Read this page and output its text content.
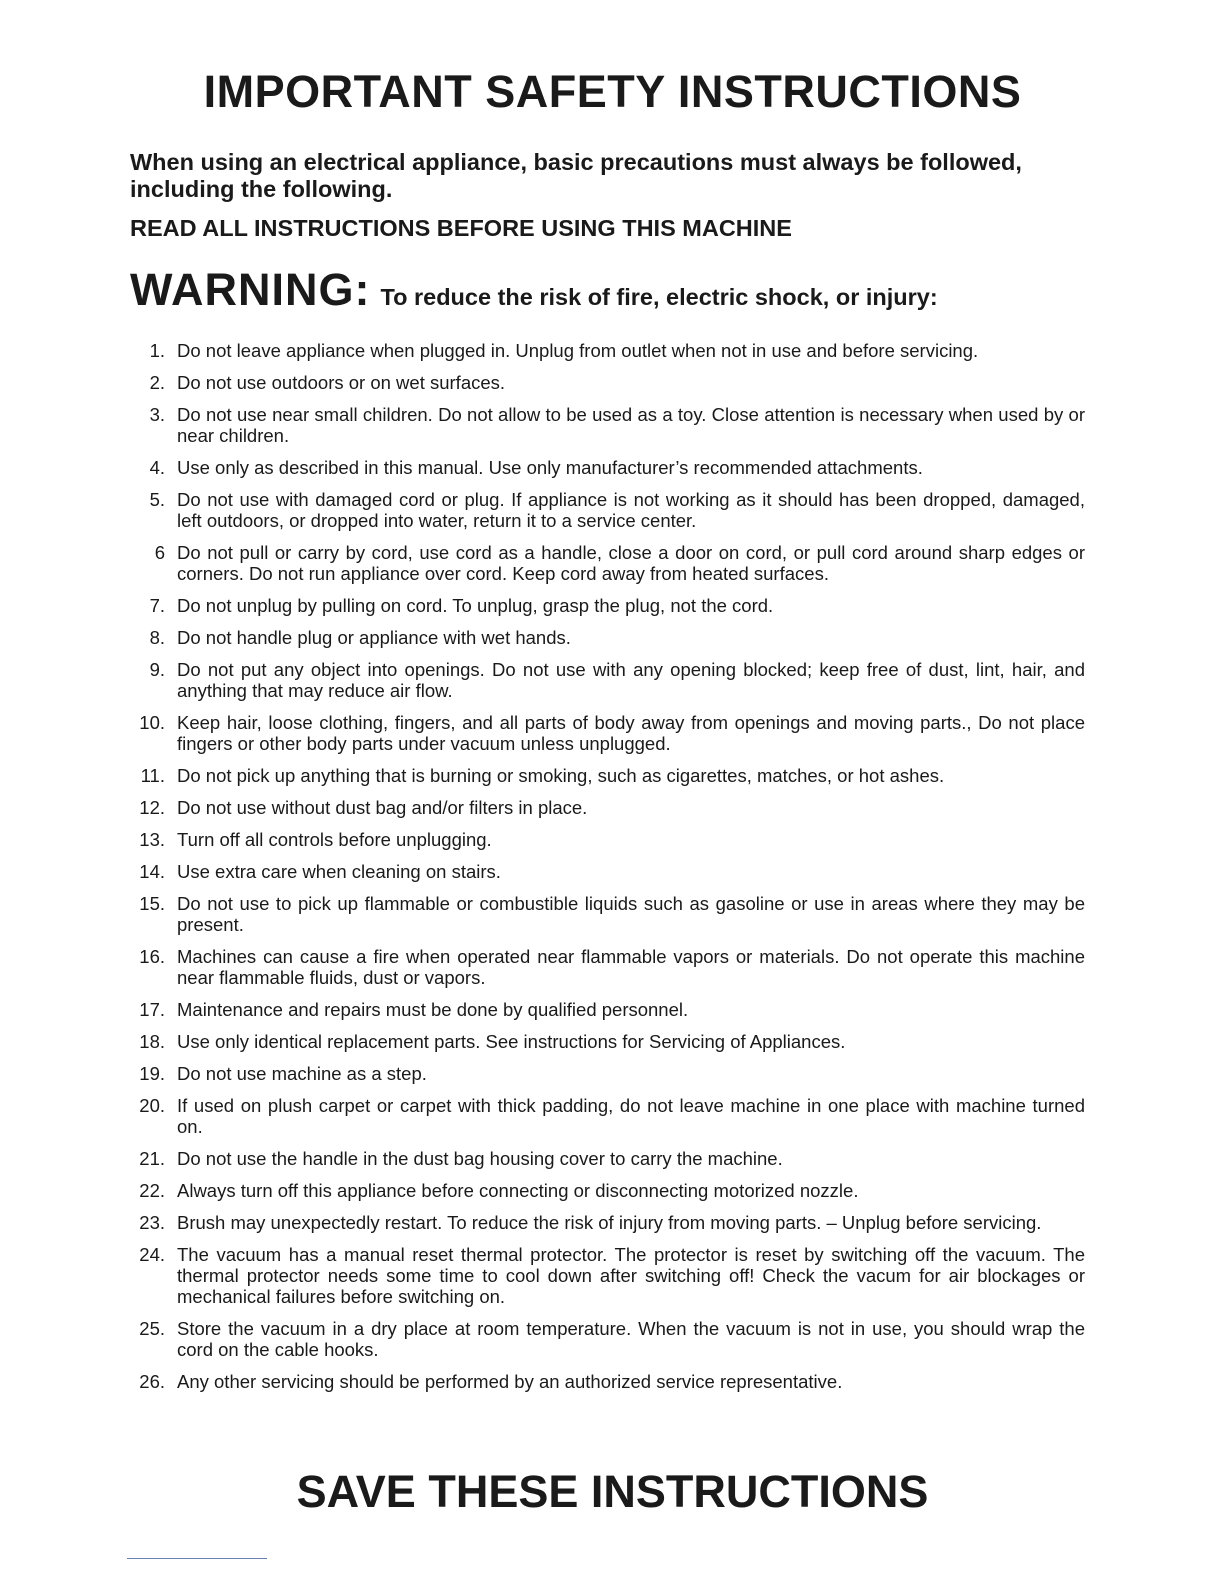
IMPORTANT SAFETY INSTRUCTIONS

When using an electrical appliance, basic precautions must always be followed, including the following.

READ ALL INSTRUCTIONS BEFORE USING THIS MACHINE

WARNING: To reduce the risk of fire, electric shock, or injury:

1. Do not leave appliance when plugged in. Unplug from outlet when not in use and before servicing.
2. Do not use outdoors or on wet surfaces.
3. Do not use near small children. Do not allow to be used as a toy. Close attention is necessary when used by or near children.
4. Use only as described in this manual. Use only manufacturer’s recommended attachments.
5. Do not use with damaged cord or plug. If appliance is not working as it should has been dropped, damaged, left outdoors, or dropped into water, return it to a service center.
6 Do not pull or carry by cord, use cord as a handle, close a door on cord, or pull cord around sharp edges or corners. Do not run appliance over cord. Keep cord away from heated surfaces.
7. Do not unplug by pulling on cord. To unplug, grasp the plug, not the cord.
8. Do not handle plug or appliance with wet hands.
9. Do not put any object into openings. Do not use with any opening blocked; keep free of dust, lint, hair, and anything that may reduce air flow.
10. Keep hair, loose clothing, fingers, and all parts of body away from openings and moving parts., Do not place fingers or other body parts under vacuum unless unplugged.
11. Do not pick up anything that is burning or smoking, such as cigarettes, matches, or hot ashes.
12. Do not use without dust bag and/or filters in place.
13. Turn off all controls before unplugging.
14. Use extra care when cleaning on stairs.
15. Do not use to pick up flammable or combustible liquids such as gasoline or use in areas where they may be present.
16. Machines can cause a fire when operated near flammable vapors or materials. Do not operate this machine near flammable fluids, dust or vapors.
17. Maintenance and repairs must be done by qualified personnel.
18. Use only identical replacement parts. See instructions for Servicing of Appliances.
19. Do not use machine as a step.
20. If used on plush carpet or carpet with thick padding, do not leave machine in one place with machine turned on.
21. Do not use the handle in the dust bag housing cover to carry the machine.
22. Always turn off this appliance before connecting or disconnecting motorized nozzle.
23. Brush may unexpectedly restart. To reduce the risk of injury from moving parts. – Unplug before servicing.
24. The vacuum has a manual reset thermal protector. The protector is reset by switching off the vacuum. The thermal protector needs some time to cool down after switching off! Check the vacum for air blockages or mechanical failures before switching on.
25. Store the vacuum in a dry place at room temperature. When the vacuum is not in use, you should wrap the cord on the cable hooks.
26. Any other servicing should be performed by an authorized service representative.
SAVE THESE INSTRUCTIONS
